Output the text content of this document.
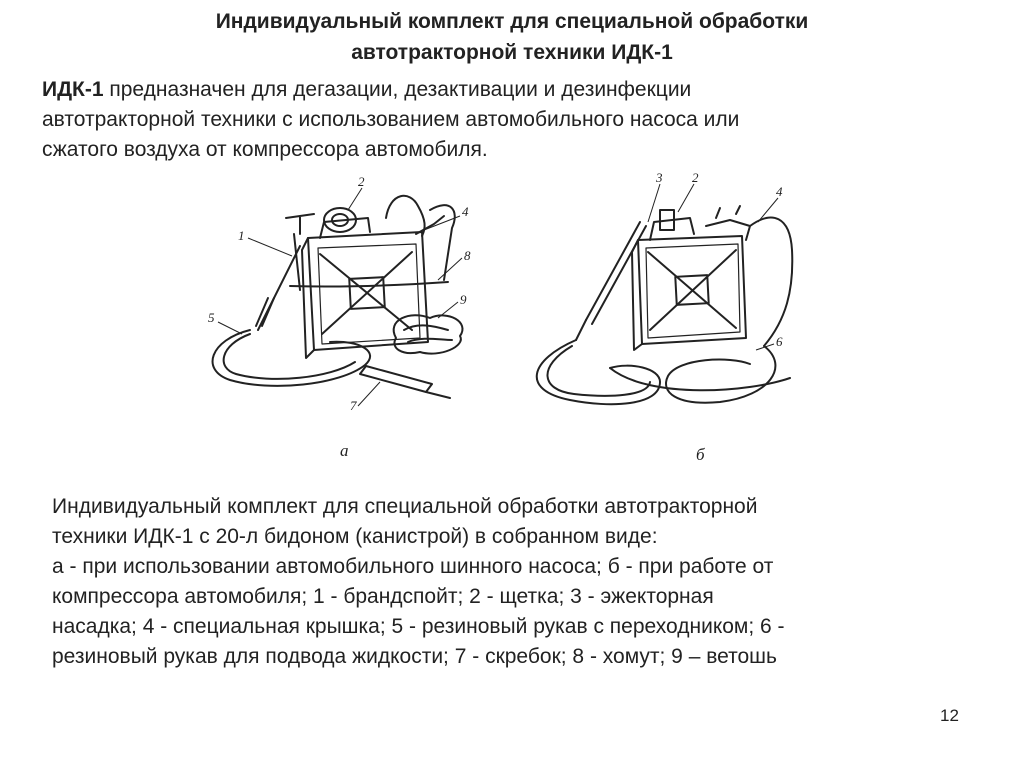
Индивидуальный комплект для специальной обработки
автотракторной техники ИДК-1
ИДК-1 предназначен для дегазации, дезактивации и дезинфекции
автотракторной техники с использованием автомобильного насоса или
сжатого воздуха от компрессора автомобиля.
1
2
4
5
7
8
9
2
3
4
6
а	б
Индивидуальный комплект для специальной обработки автотракторной
техники ИДК-1 с 20-л бидоном (канистрой) в собранном виде:
а - при использовании автомобильного шинного насоса; б - при работе от
компрессора автомобиля; 1 - брандспойт; 2 - щетка; 3 - эжекторная
насадка; 4 - специальная крышка; 5 - резиновый рукав с переходником; 6 -
резиновый рукав для подвода жидкости; 7 - скребок; 8 - хомут; 9 – ветошь
12
